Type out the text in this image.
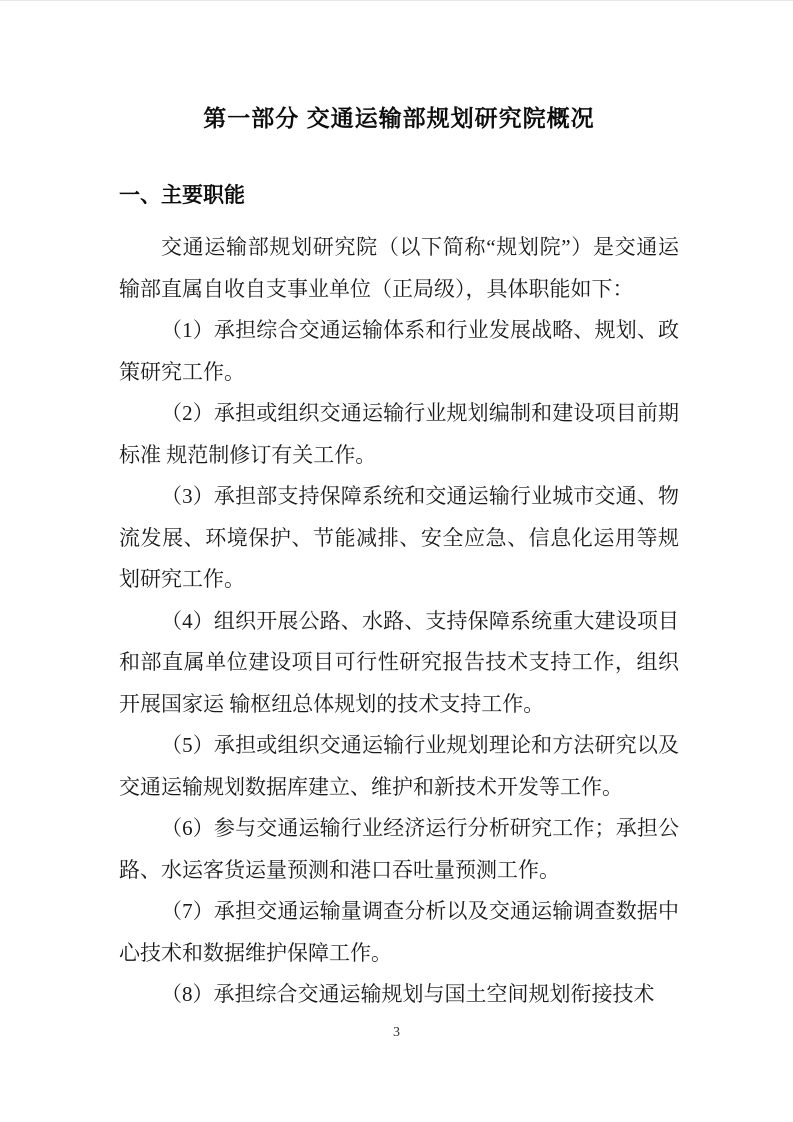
第一部分 交通运输部规划研究院概况
一、主要职能

交通运输部规划研究院（以下简称“规划院”）是交通运输部直属自收自支事业单位（正局级），具体职能如下：

（1）承担综合交通运输体系和行业发展战略、规划、政策研究工作。

（2）承担或组织交通运输行业规划编制和建设项目前期标准 规范制修订有关工作。

（3）承担部支持保障系统和交通运输行业城市交通、物流发展、环境保护、节能减排、安全应急、信息化运用等规划研究工作。

（4）组织开展公路、水路、支持保障系统重大建设项目和部直属单位建设项目可行性研究报告技术支持工作，组织开展国家运 输枢纽总体规划的技术支持工作。

（5）承担或组织交通运输行业规划理论和方法研究以及交通运输规划数据库建立、维护和新技术开发等工作。

（6）参与交通运输行业经济运行分析研究工作；承担公路、水运客货运量预测和港口吞吐量预测工作。

（7）承担交通运输量调查分析以及交通运输调查数据中心技术和数据维护保障工作。

（8）承担综合交通运输规划与国土空间规划衔接技术

3
